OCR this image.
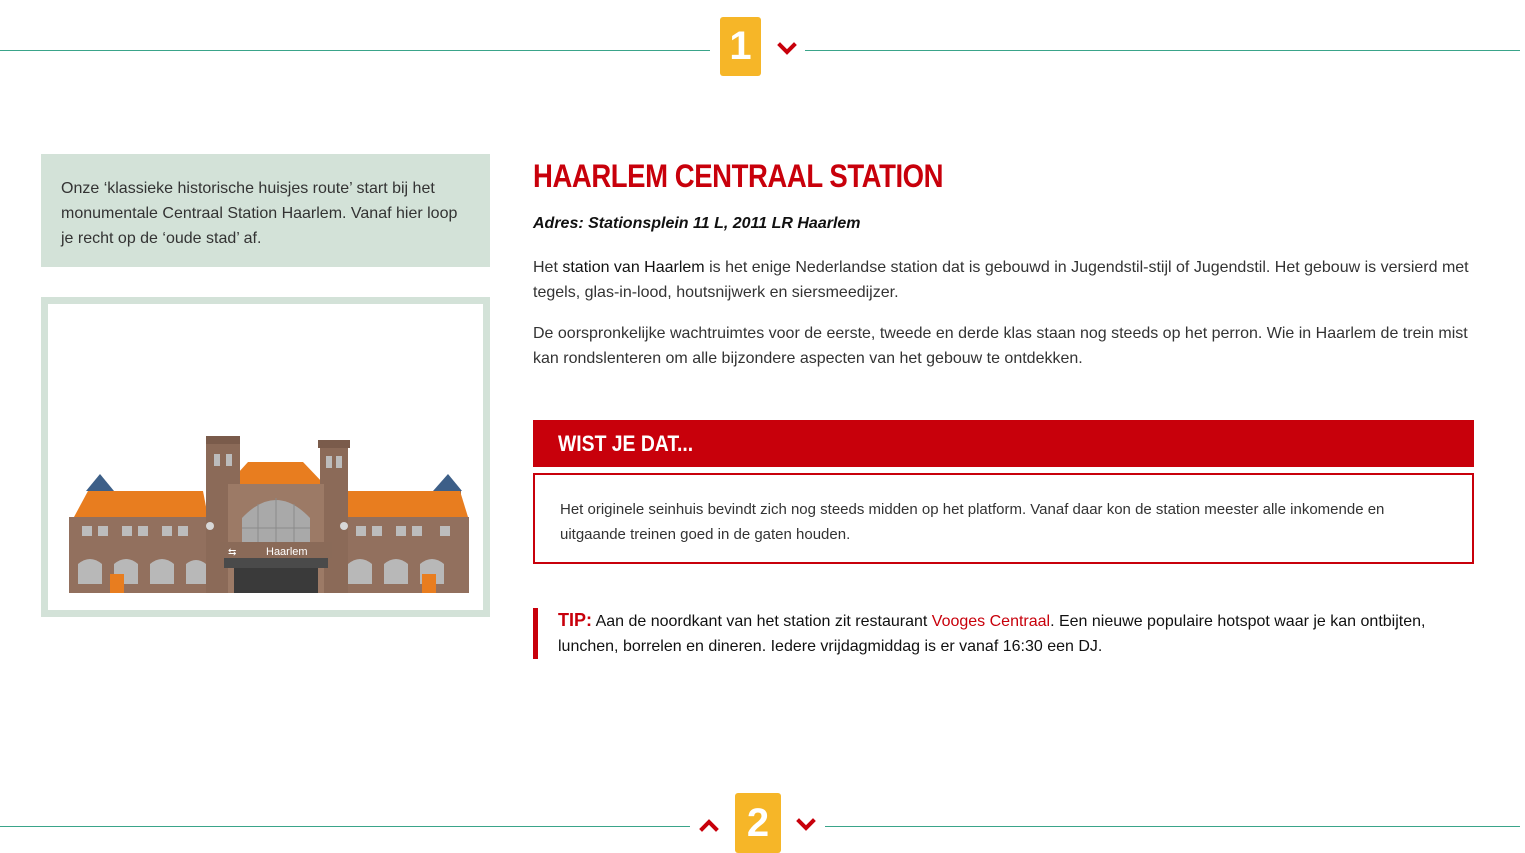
1
Onze ‘klassieke historische huisjes route’ start bij het monumentale Centraal Station Haarlem. Vanaf hier loop je recht op de ‘oude stad’ af.
⇆	Haarlem
HAARLEM CENTRAAL STATION
Adres: Stationsplein 11 L, 2011 LR Haarlem

Het station van Haarlem is het enige Nederlandse station dat is gebouwd in Jugendstil-stijl of Jugendstil. Het gebouw is versierd met tegels, glas-in-lood, houtsnijwerk en siersmeedijzer.

De oorspronkelijke wachtruimtes voor de eerste, tweede en derde klas staan nog steeds op het perron. Wie in Haarlem de trein mist kan rondslenteren om alle bijzondere aspecten van het gebouw te ontdekken.

WIST JE DAT...
Het originele seinhuis bevindt zich nog steeds midden op het platform. Vanaf daar kon de station meester alle inkomende en uitgaande treinen goed in de gaten houden.
TIP: Aan de noordkant van het station zit restaurant Vooges Centraal. Een nieuwe populaire hotspot waar je kan ontbijten, lunchen, borrelen en dineren. Iedere vrijdagmiddag is er vanaf 16:30 een DJ.
2
